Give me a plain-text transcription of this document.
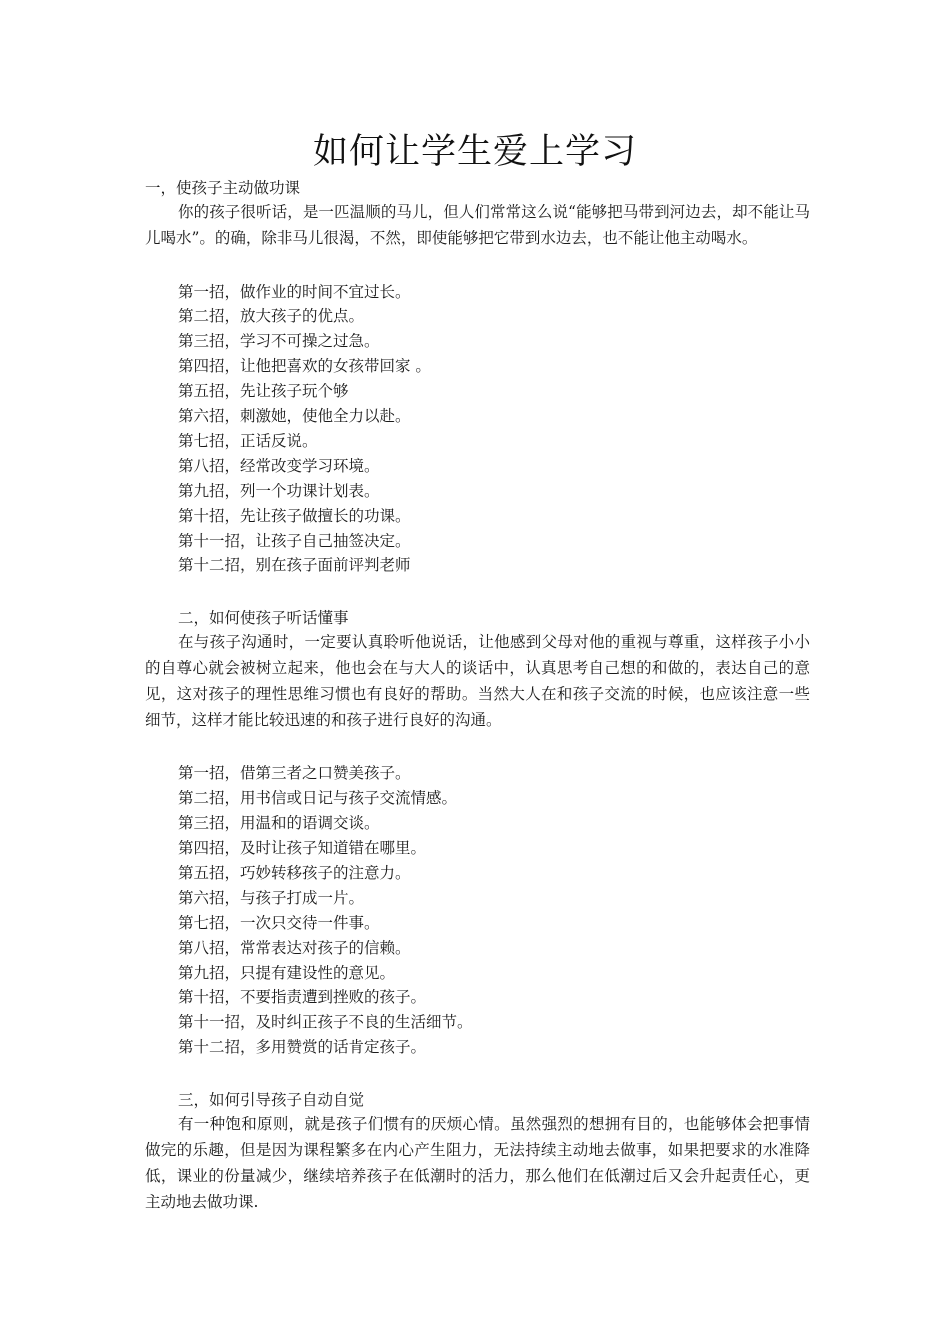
如何让学生爱上学习
一，使孩子主动做功课

你的孩子很听话，是一匹温顺的马儿，但人们常常这么说“能够把马带到河边去，却不能让马儿喝水”。的确，除非马儿很渴，不然，即使能够把它带到水边去，也不能让他主动喝水。

第一招，做作业的时间不宜过长。
第二招，放大孩子的优点。
第三招，学习不可操之过急。
第四招，让他把喜欢的女孩带回家 。
第五招，先让孩子玩个够
第六招，刺激她，使他全力以赴。
第七招，正话反说。
第八招，经常改变学习环境。
第九招，列一个功课计划表。
第十招，先让孩子做擅长的功课。
第十一招，让孩子自己抽签决定。
第十二招，别在孩子面前评判老师
二，如何使孩子听话懂事

在与孩子沟通时，一定要认真聆听他说话，让他感到父母对他的重视与尊重，这样孩子小小的自尊心就会被树立起来，他也会在与大人的谈话中，认真思考自己想的和做的，表达自己的意见，这对孩子的理性思维习惯也有良好的帮助。当然大人在和孩子交流的时候，也应该注意一些细节，这样才能比较迅速的和孩子进行良好的沟通。

第一招，借第三者之口赞美孩子。
第二招，用书信或日记与孩子交流情感。
第三招，用温和的语调交谈。
第四招，及时让孩子知道错在哪里。
第五招，巧妙转移孩子的注意力。
第六招，与孩子打成一片。
第七招，一次只交待一件事。
第八招，常常表达对孩子的信赖。
第九招，只提有建设性的意见。
第十招，不要指责遭到挫败的孩子。
第十一招，及时纠正孩子不良的生活细节。
第十二招，多用赞赏的话肯定孩子。
三，如何引导孩子自动自觉

有一种饱和原则，就是孩子们惯有的厌烦心情。虽然强烈的想拥有目的，也能够体会把事情做完的乐趣，但是因为课程繁多在内心产生阻力，无法持续主动地去做事，如果把要求的水准降低，课业的份量减少，继续培养孩子在低潮时的活力，那么他们在低潮过后又会升起责任心，更主动地去做功课.
